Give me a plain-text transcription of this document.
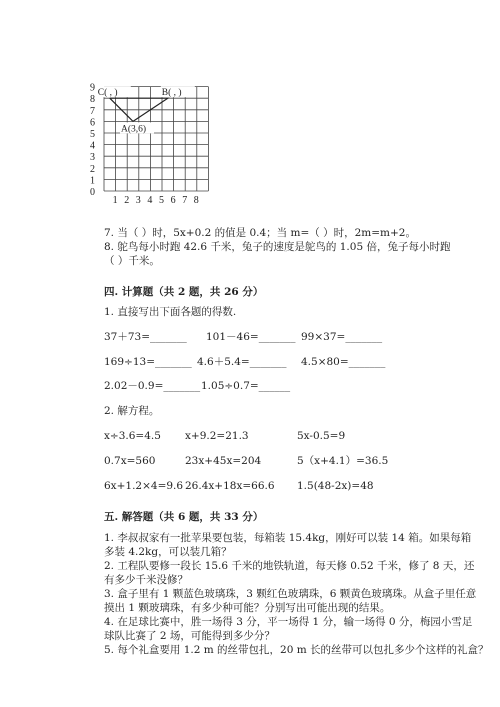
9
8
7
6
5
4
3
2
1
0
1 2 3 4 5 6 7 8
C( , )	B( , )
A(3,6)
7. 当（ ）时，5x+0.2 的值是 0.4；当 m=（ ）时，2m=m+2。
8. 鸵鸟每小时跑 42.6 千米，兔子的速度是鸵鸟的 1.05 倍，兔子每小时跑
（ ）千米。
四. 计算题（共 2 题，共 26 分）
1. 直接写出下面各题的得数.
37＋73=_______ 101－46=_______ 99×37=_______
169÷13=_______ 4.6＋5.4=_______ 4.5×80=_______
2.02－0.9=_______ 1.05÷0.7=______
2. 解方程。
x÷3.6=4.5 x+9.2=21.3	5x-0.5=9
0.7x=560	23x+45x=204	5（x+4.1）=36.5
6x+1.2×4=9.6 26.4x+18x=66.6 1.5(48-2x)=48
五. 解答题（共 6 题，共 33 分）
1. 李叔叔家有一批苹果要包装，每箱装 15.4kg，刚好可以装 14 箱。如果每箱
多装 4.2kg，可以装几箱？
2. 工程队要修一段长 15.6 千米的地铁轨道，每天修 0.52 千米，修了 8 天，还
有多少千米没修？
3. 盒子里有 1 颗蓝色玻璃珠，3 颗红色玻璃珠，6 颗黄色玻璃珠。从盒子里任意
摸出 1 颗玻璃珠，有多少种可能？分别写出可能出现的结果。
4. 在足球比赛中，胜一场得 3 分，平一场得 1 分，输一场得 0 分，梅园小雪足
球队比赛了 2 场，可能得到多少分？
5. 每个礼盒要用 1.2 m 的丝带包扎，20 m 长的丝带可以包扎多少个这样的礼盒？
